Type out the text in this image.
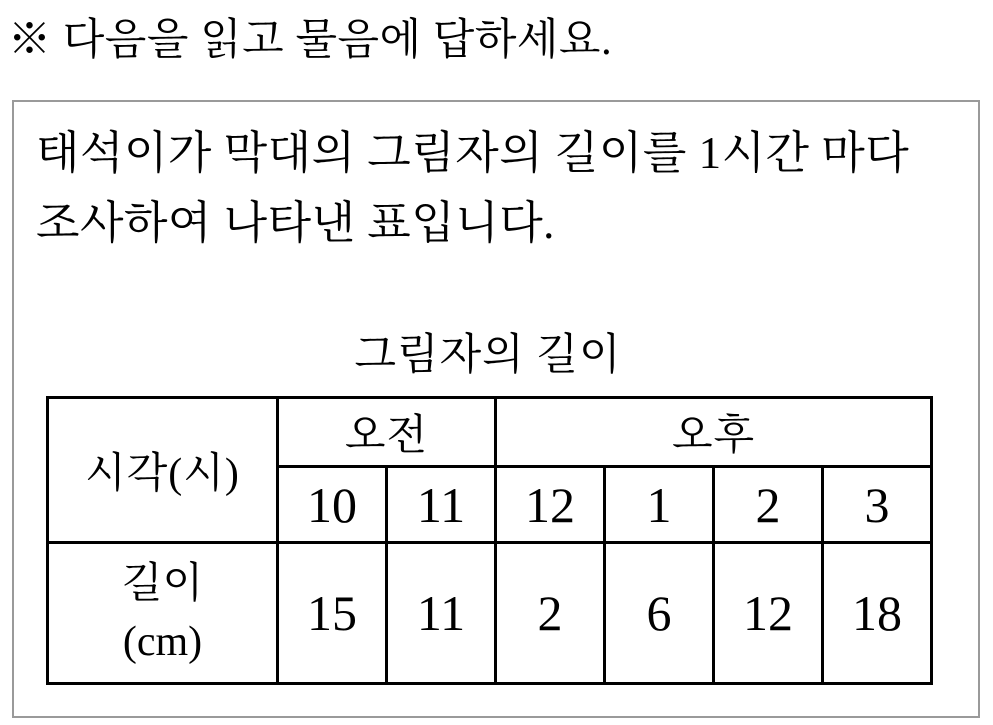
※ 다음을 읽고 물음에 답하세요.
태석이가 막대의 그림자의 길이를 1시간 마다
조사하여 나타낸 표입니다.
그림자의 길이
시각(시)	오전		오후			
	10	11	12	1	2	3

길이
(cm)	15	11	2	6	12	18
